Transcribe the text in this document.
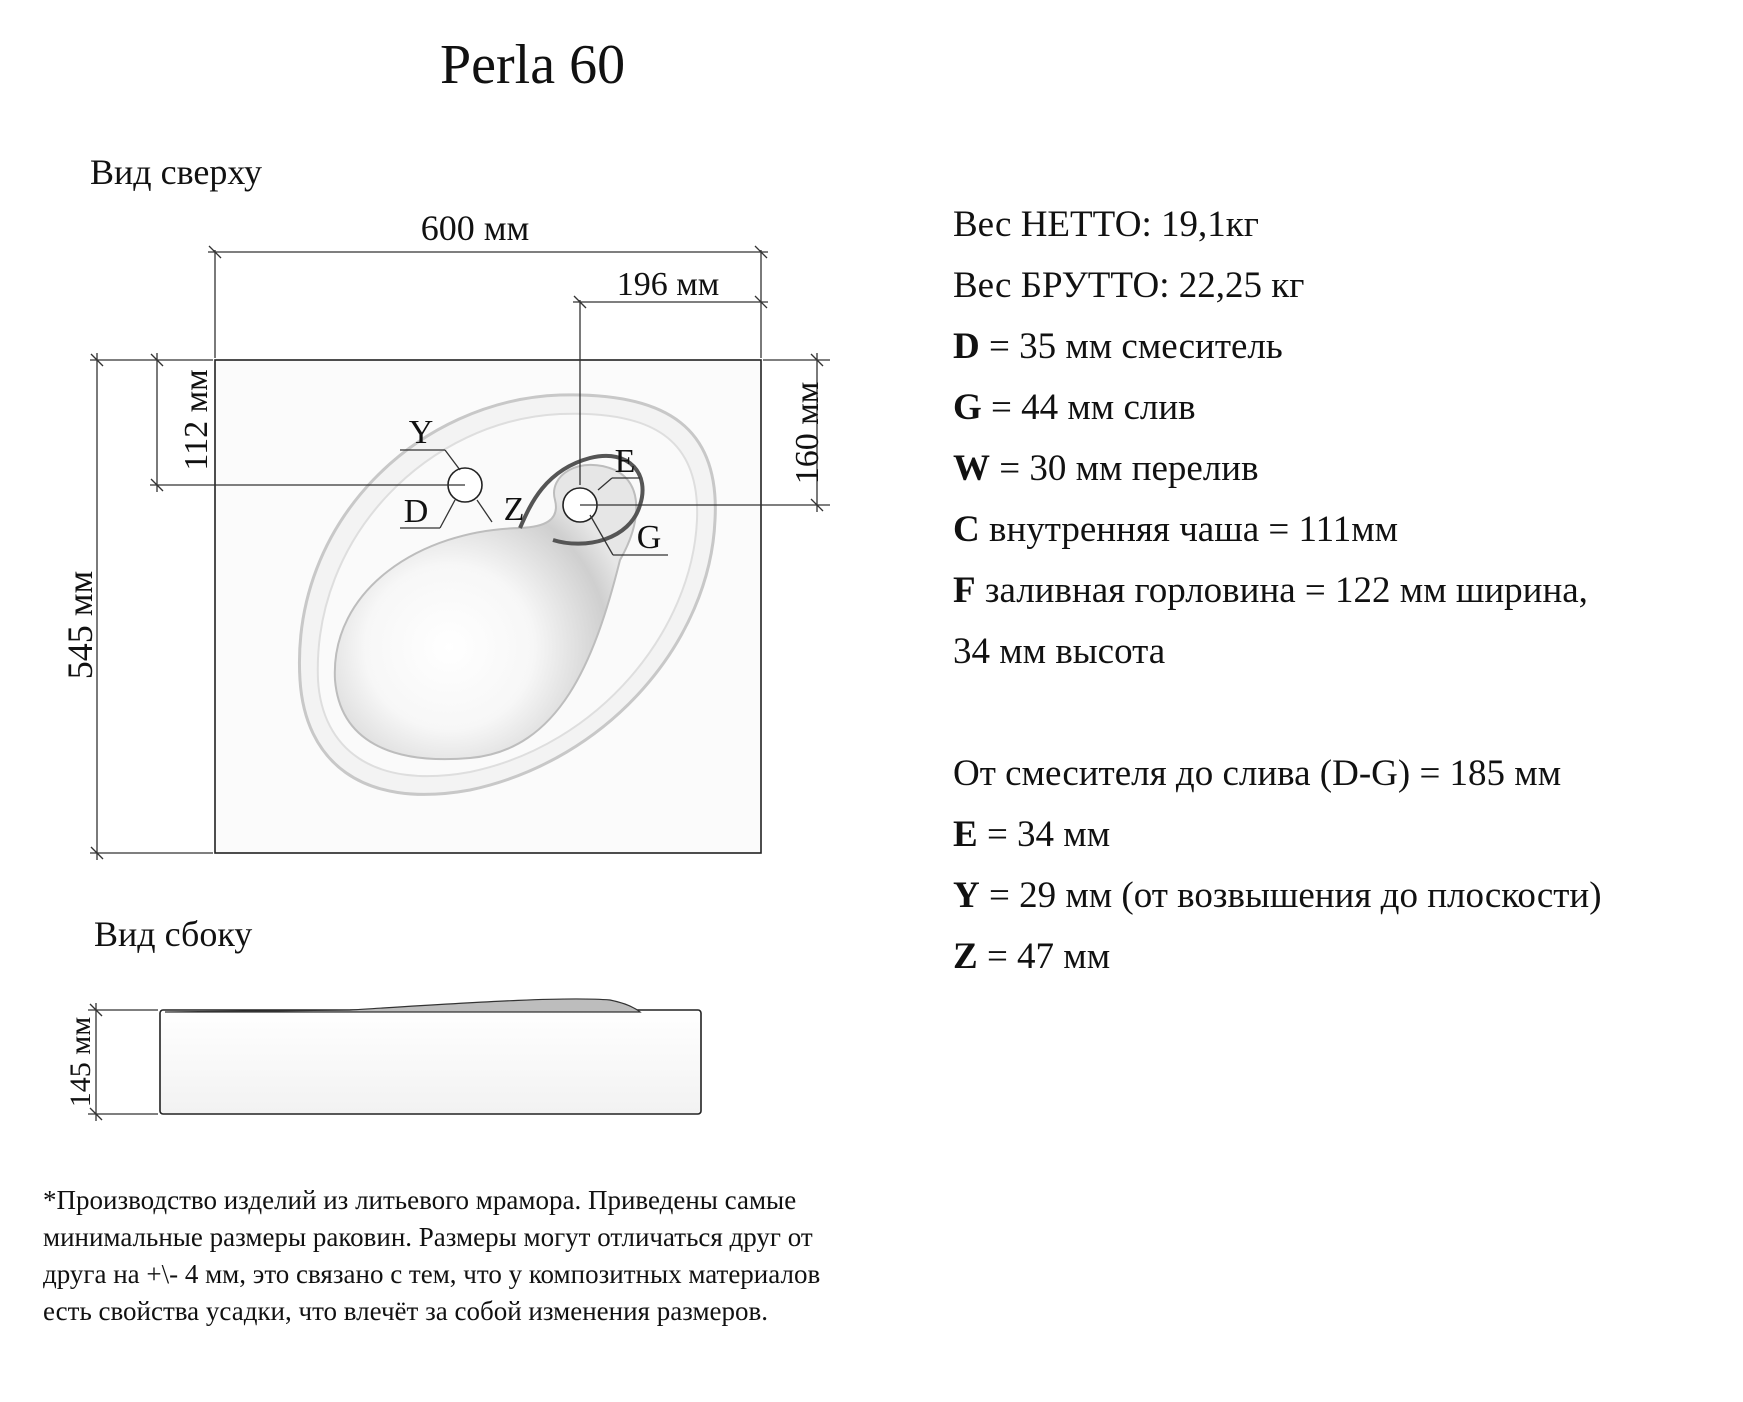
Perla 60
Вид сверху
Вид сбоку
600 мм
196 мм
545 мм
112 мм	160 мм
145 мм
Y
D Z
E
G
Вес НЕТТО: 19,1кг
Вес БРУТТО: 22,25 кг
D = 35 мм смеситель
G = 44 мм слив
W = 30 мм перелив
C внутренняя чаша = 111мм
F заливная горловина = 122 мм ширина,
34 мм высота
От смесителя до слива (D-G) = 185 мм
E = 34 мм
Y = 29 мм (от возвышения до плоскости)
Z = 47 мм
*Производство изделий из литьевого мрамора. Приведены самые
минимальные размеры раковин. Размеры могут отличаться друг от
друга на +\- 4 мм, это связано с тем, что у композитных материалов
есть свойства усадки, что влечёт за собой изменения размеров.
